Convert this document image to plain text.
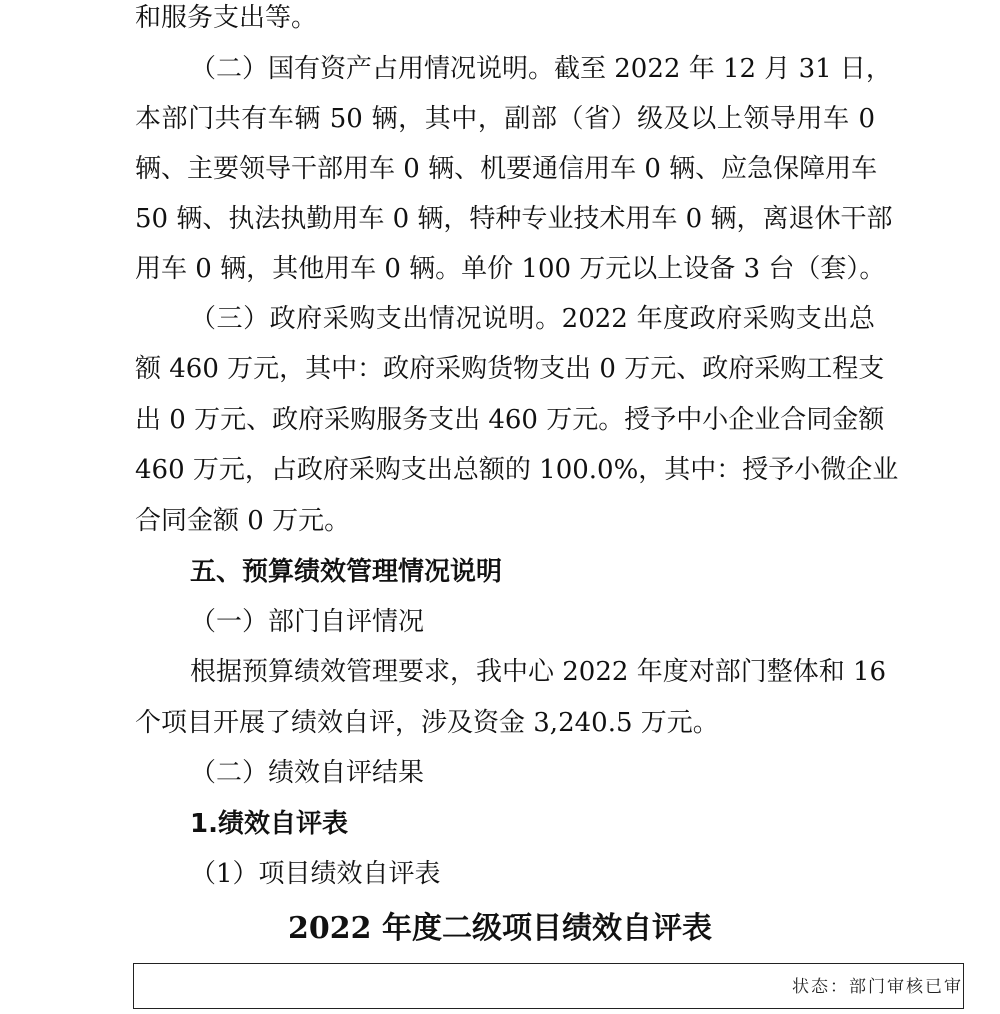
和服务支出等。
（二）国有资产占用情况说明。截至 2022 年 12 月 31 日，
本部门共有车辆 50 辆，其中，副部（省）级及以上领导用车 0
辆、主要领导干部用车 0 辆、机要通信用车 0 辆、应急保障用车
50 辆、执法执勤用车 0 辆，特种专业技术用车 0 辆，离退休干部
用车 0 辆，其他用车 0 辆。单价 100 万元以上设备 3 台（套）。
（三）政府采购支出情况说明。2022 年度政府采购支出总
额 460 万元，其中：政府采购货物支出 0 万元、政府采购工程支
出 0 万元、政府采购服务支出 460 万元。授予中小企业合同金额
460 万元，占政府采购支出总额的 100.0%，其中：授予小微企业
合同金额 0 万元。
五、预算绩效管理情况说明
（一）部门自评情况
根据预算绩效管理要求，我中心 2022 年度对部门整体和 16
个项目开展了绩效自评，涉及资金 3,240.5 万元。
（二）绩效自评结果
1.绩效自评表
（1）项目绩效自评表
2022 年度二级项目绩效自评表
状态：部门审核已审
